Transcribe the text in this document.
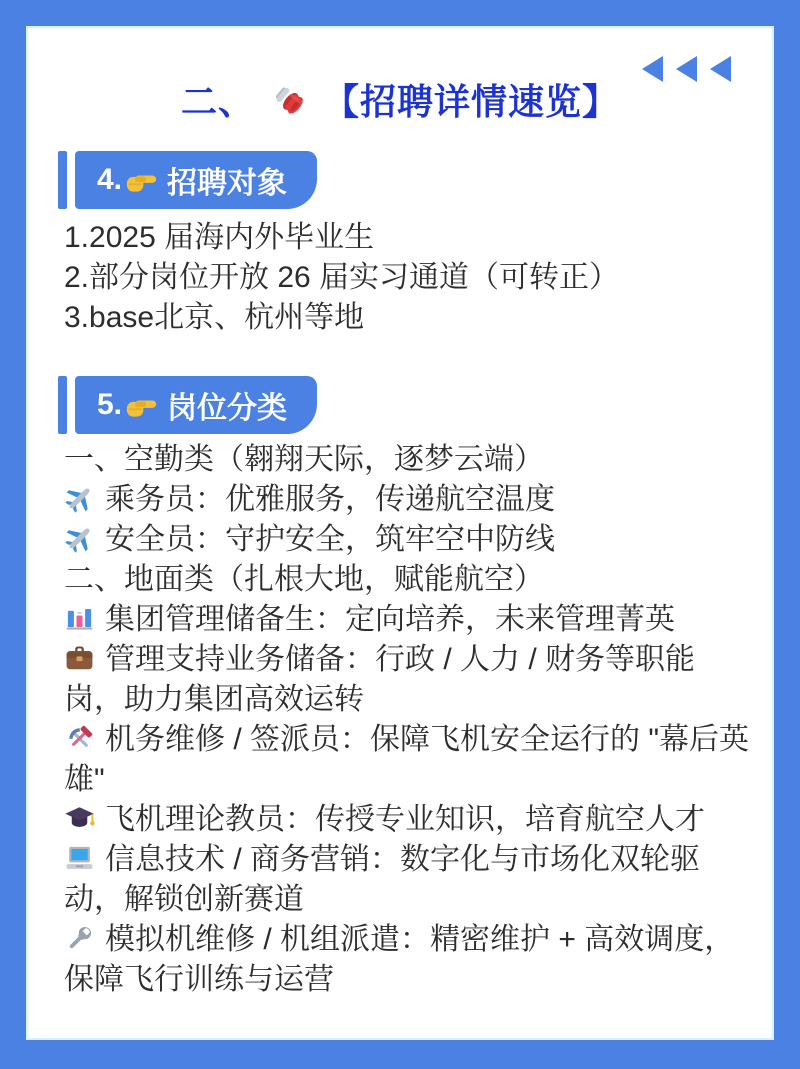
二、 【招聘详情速览】
4. 招聘对象
1.2025 届海内外毕业生
2.部分岗位开放 26 届实习通道（可转正）
3.base北京、杭州等地
5. 岗位分类
一、空勤类（翱翔天际，逐梦云端）
乘务员：优雅服务，传递航空温度
安全员：守护安全，筑牢空中防线
二、地面类（扎根大地，赋能航空）
集团管理储备生：定向培养，未来管理菁英
管理支持业务储备：行政 / 人力 / 财务等职能岗，助力集团高效运转
机务维修 / 签派员：保障飞机安全运行的 "幕后英雄"
飞机理论教员：传授专业知识，培育航空人才
信息技术 / 商务营销：数字化与市场化双轮驱动，解锁创新赛道
模拟机维修 / 机组派遣：精密维护 + 高效调度，保障飞行训练与运营
